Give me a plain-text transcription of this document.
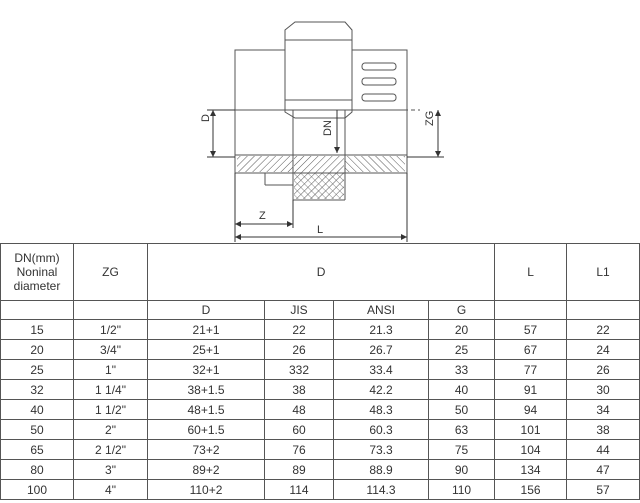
D
DN
ZG
Z
L
DN(mm)
Noninal
diameter	ZG	D				L	L1
		D	JIS	ANSI	G		
15	1/2"	21+1	22	21.3	20	57	22
20	3/4"	25+1	26	26.7	25	67	24
25	1"	32+1	332	33.4	33	77	26
32	1 1/4"	38+1.5	38	42.2	40	91	30
40	1 1/2"	48+1.5	48	48.3	50	94	34
50	2"	60+1.5	60	60.3	63	101	38
65	2 1/2"	73+2	76	73.3	75	104	44
80	3"	89+2	89	88.9	90	134	47
100	4"	110+2	114	114.3	110	156	57
